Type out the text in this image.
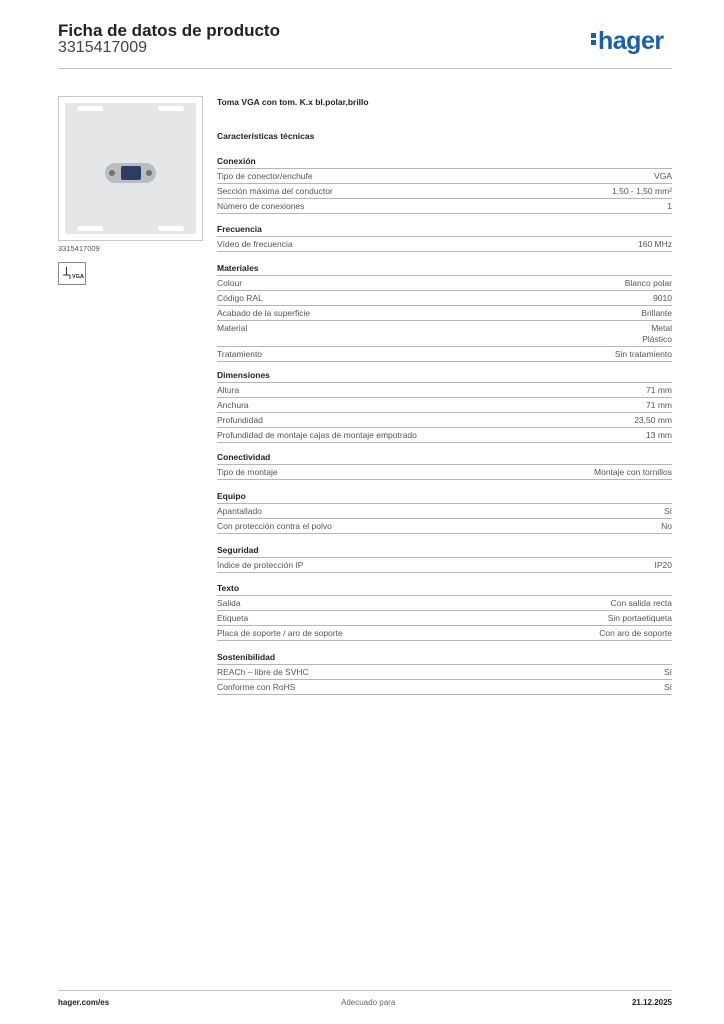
Ficha de datos de producto
3315417009	hager
3315417009
VGA
Toma VGA con tom. K.x bl.polar,brillo
Características técnicas
Conexión
Tipo de conector/enchufe	VGA
Sección máxima del conductor	1,50 - 1,50 mm²
Número de conexiones	1
Frecuencia
Vídeo de frecuencia	160 MHz
Materiales
Colour	Blanco polar
Código RAL	9010
Acabado de la superficie	Brillante
Material	Metal
Plástico
Tratamiento	Sin tratamiento
Dimensiones
Altura	71 mm
Anchura	71 mm
Profundidad	23,50 mm
Profundidad de montaje cajas de montaje empotrado	13 mm
Conectividad
Tipo de montaje	Montaje con tornillos
Equipo
Apantallado	Sí
Con protección contra el polvo	No
Seguridad
Índice de protección IP	IP20
Texto
Salida	Con salida recta
Etiqueta	Sin portaetiqueta
Placa de soporte / aro de soporte	Con aro de soporte
Sostenibilidad
REACh – libre de SVHC	Sí
Conforme con RoHS	Sí
hager.com/es	Adecuado para	21.12.2025
